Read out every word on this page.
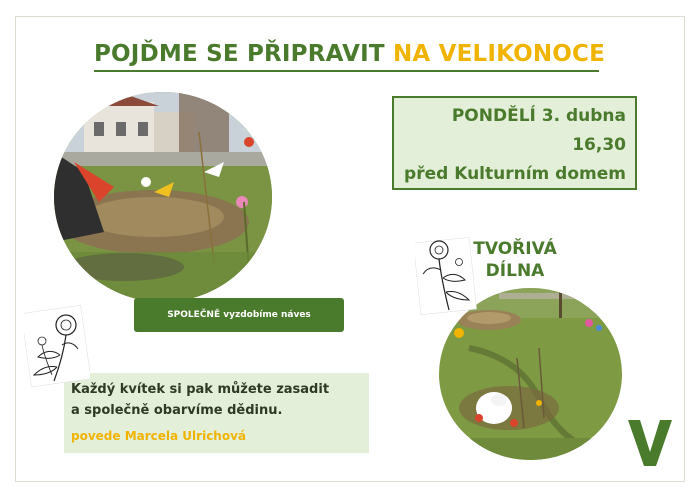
POJĎME SE PŘIPRAVIT NA VELIKONOCE
PONDĚLÍ 3. dubna
16,30
před Kulturním domem
SPOLEČNĚ vyzdobíme náves
TVOŘIVÁ
DÍLNA
Každý kvítek si pak můžete zasadit
a společně obarvíme dědinu.
povede Marcela Ulrichová
